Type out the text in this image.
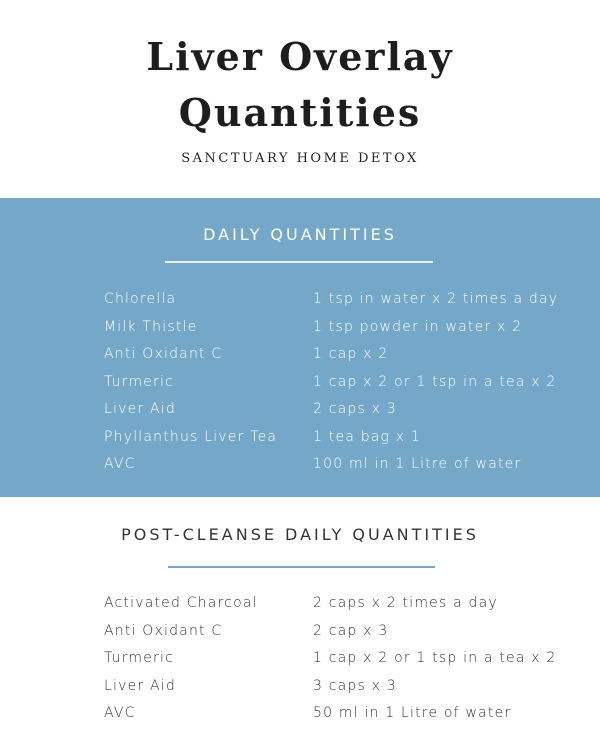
Liver Overlay
Quantities
SANCTUARY HOME DETOX
DAILY QUANTITIES
Chlorella	1 tsp in water x 2 times a day
Milk Thistle	1 tsp powder in water x 2
Anti Oxidant C	1 cap x 2
Turmeric	1 cap x 2 or 1 tsp in a tea x 2
Liver Aid	2 caps x 3
Phyllanthus Liver Tea	1 tea bag x 1
AVC	100 ml in 1 Litre of water
POST-CLEANSE DAILY QUANTITIES
Activated Charcoal	2 caps x 2 times a day
Anti Oxidant C	2 cap x 3
Turmeric	1 cap x 2 or 1 tsp in a tea x 2
Liver Aid	3 caps x 3
AVC	50 ml in 1 Litre of water
